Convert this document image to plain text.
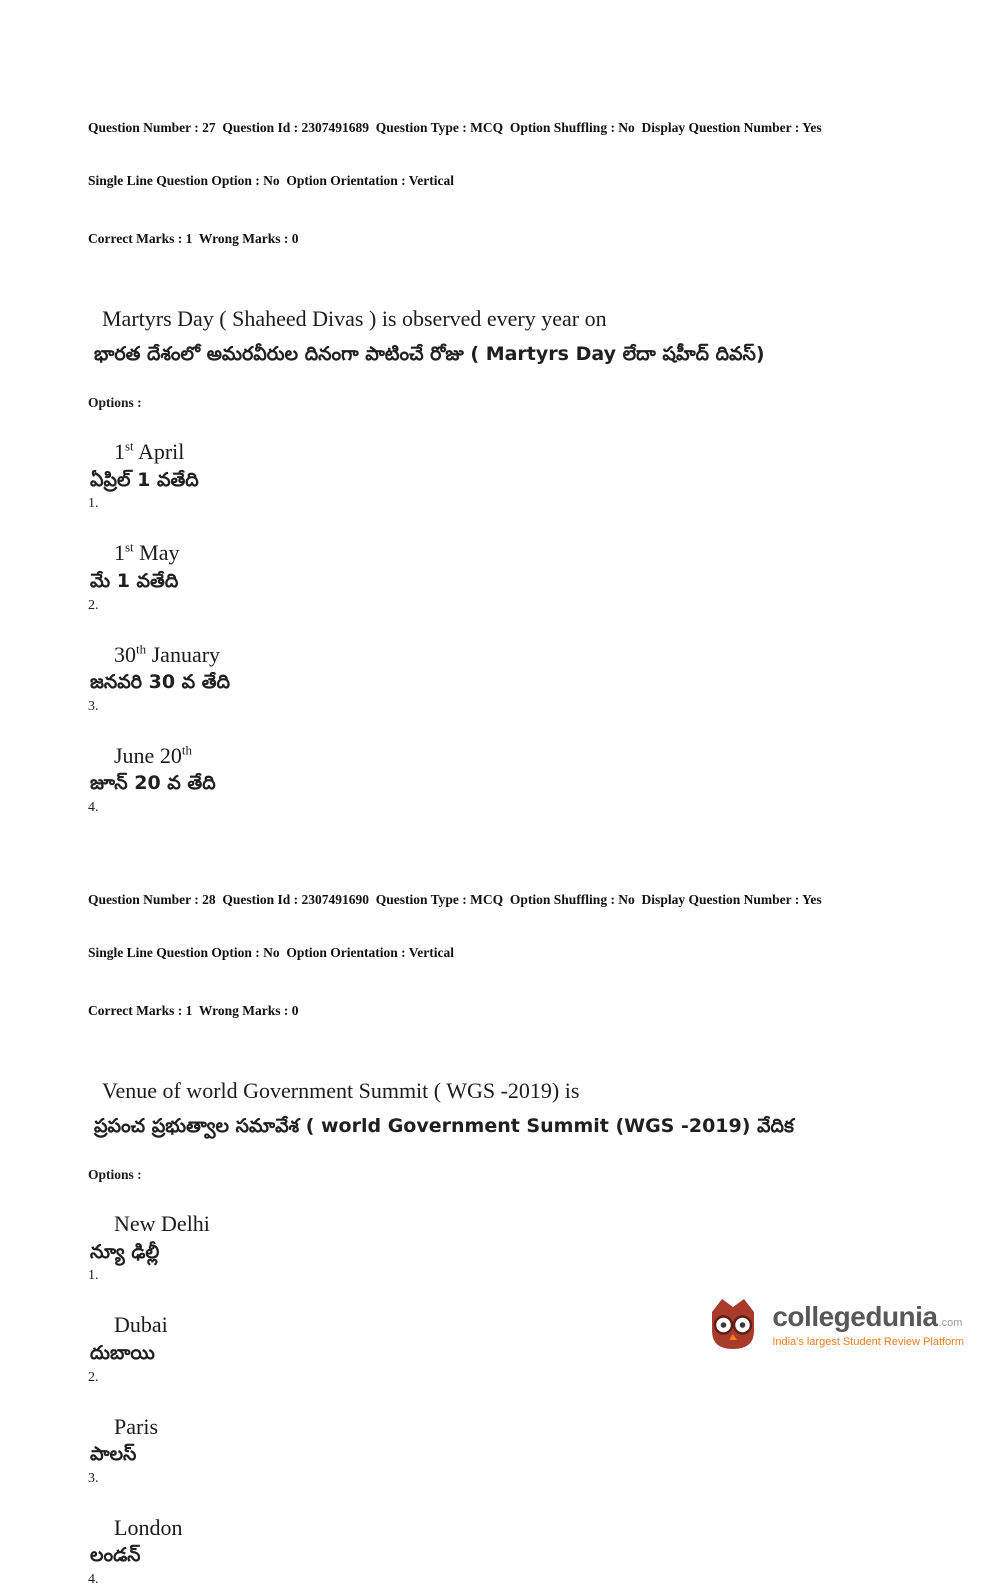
Question Number : 27  Question Id : 2307491689  Question Type : MCQ  Option Shuffling : No  Display Question Number : Yes

Single Line Question Option : No  Option Orientation : Vertical

Correct Marks : 1  Wrong Marks : 0

Martyrs Day ( Shaheed Divas ) is observed every year on
భారత దేశంలో అమరవీరుల దినంగా పాటించే రోజు ( Martyrs Day లేదా షహీద్ దివస్)
Options :
1st April
ఏప్రిల్ 1 వతేది
1.
1st May
మే 1 వతేది
2.
30th January
జనవరి 30 వ తేది
3.
June 20th
జూన్ 20 వ తేది
4.

Question Number : 28  Question Id : 2307491690  Question Type : MCQ  Option Shuffling : No  Display Question Number : Yes

Single Line Question Option : No  Option Orientation : Vertical

Correct Marks : 1  Wrong Marks : 0

Venue of world Government Summit ( WGS -2019) is
ప్రపంచ ప్రభుత్వాల సమావేశ ( world Government Summit (WGS -2019) వేదిక
Options :
New Delhi
న్యూ ఢిల్లీ
1.
Dubai
దుబాయి
2.
Paris
పాలస్
3.
London
లండన్
4.
collegedunia .com
India's largest Student Review Platform
